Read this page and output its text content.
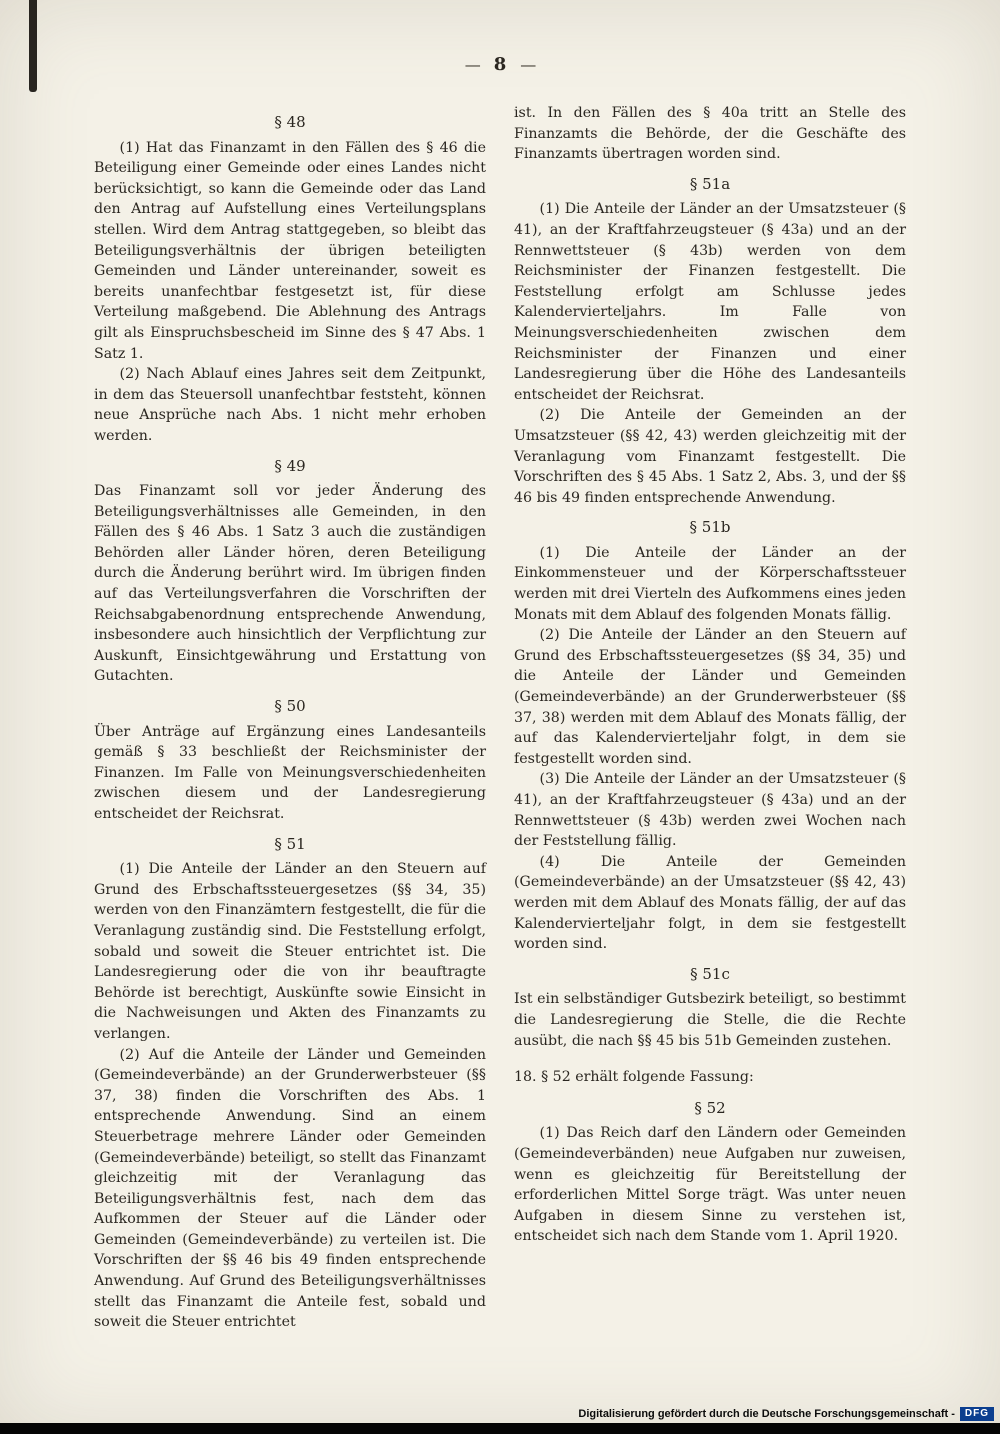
— 8 —
§ 48

(1) Hat das Finanzamt in den Fällen des § 46 die Beteiligung einer Gemeinde oder eines Landes nicht berücksichtigt, so kann die Gemeinde oder das Land den Antrag auf Aufstellung eines Verteilungsplans stellen. Wird dem Antrag stattgegeben, so bleibt das Beteiligungsverhältnis der übrigen beteiligten Gemeinden und Länder untereinander, soweit es bereits unanfechtbar festgesetzt ist, für diese Verteilung maßgebend. Die Ablehnung des Antrags gilt als Einspruchsbescheid im Sinne des § 47 Abs. 1 Satz 1.

(2) Nach Ablauf eines Jahres seit dem Zeitpunkt, in dem das Steuersoll unanfechtbar feststeht, können neue Ansprüche nach Abs. 1 nicht mehr erhoben werden.

§ 49

Das Finanzamt soll vor jeder Änderung des Beteiligungsverhältnisses alle Gemeinden, in den Fällen des § 46 Abs. 1 Satz 3 auch die zuständigen Behörden aller Länder hören, deren Beteiligung durch die Änderung berührt wird. Im übrigen finden auf das Verteilungsverfahren die Vorschriften der Reichsabgabenordnung entsprechende Anwendung, insbesondere auch hinsichtlich der Verpflichtung zur Auskunft, Einsichtgewährung und Erstattung von Gutachten.

§ 50

Über Anträge auf Ergänzung eines Landesanteils gemäß § 33 beschließt der Reichsminister der Finanzen. Im Falle von Meinungsverschiedenheiten zwischen diesem und der Landesregierung entscheidet der Reichsrat.

§ 51

(1) Die Anteile der Länder an den Steuern auf Grund des Erbschaftssteuergesetzes (§§ 34, 35) werden von den Finanzämtern festgestellt, die für die Veranlagung zuständig sind. Die Feststellung erfolgt, sobald und soweit die Steuer entrichtet ist. Die Landesregierung oder die von ihr beauftragte Behörde ist berechtigt, Auskünfte sowie Einsicht in die Nachweisungen und Akten des Finanzamts zu verlangen.

(2) Auf die Anteile der Länder und Gemeinden (Gemeindeverbände) an der Grunderwerbsteuer (§§ 37, 38) finden die Vorschriften des Abs. 1 entsprechende Anwendung. Sind an einem Steuerbetrage mehrere Länder oder Gemeinden (Gemeindeverbände) beteiligt, so stellt das Finanzamt gleichzeitig mit der Veranlagung das Beteiligungsverhältnis fest, nach dem das Aufkommen der Steuer auf die Länder oder Gemeinden (Gemeindeverbände) zu verteilen ist. Die Vorschriften der §§ 46 bis 49 finden entsprechende Anwendung. Auf Grund des Beteiligungsverhältnisses stellt das Finanzamt die Anteile fest, sobald und soweit die Steuer entrichtet

ist. In den Fällen des § 40a tritt an Stelle des Finanzamts die Behörde, der die Geschäfte des Finanzamts übertragen worden sind.

§ 51a

(1) Die Anteile der Länder an der Umsatzsteuer (§ 41), an der Kraftfahrzeugsteuer (§ 43a) und an der Rennwettsteuer (§ 43b) werden von dem Reichsminister der Finanzen festgestellt. Die Feststellung erfolgt am Schlusse jedes Kalendervierteljahrs. Im Falle von Meinungsverschiedenheiten zwischen dem Reichsminister der Finanzen und einer Landesregierung über die Höhe des Landesanteils entscheidet der Reichsrat.

(2) Die Anteile der Gemeinden an der Umsatzsteuer (§§ 42, 43) werden gleichzeitig mit der Veranlagung vom Finanzamt festgestellt. Die Vorschriften des § 45 Abs. 1 Satz 2, Abs. 3, und der §§ 46 bis 49 finden entsprechende Anwendung.

§ 51b

(1) Die Anteile der Länder an der Einkommensteuer und der Körperschaftssteuer werden mit drei Vierteln des Aufkommens eines jeden Monats mit dem Ablauf des folgenden Monats fällig.

(2) Die Anteile der Länder an den Steuern auf Grund des Erbschaftssteuergesetzes (§§ 34, 35) und die Anteile der Länder und Gemeinden (Gemeindeverbände) an der Grunderwerbsteuer (§§ 37, 38) werden mit dem Ablauf des Monats fällig, der auf das Kalendervierteljahr folgt, in dem sie festgestellt worden sind.

(3) Die Anteile der Länder an der Umsatzsteuer (§ 41), an der Kraftfahrzeugsteuer (§ 43a) und an der Rennwettsteuer (§ 43b) werden zwei Wochen nach der Feststellung fällig.

(4) Die Anteile der Gemeinden (Gemeindeverbände) an der Umsatzsteuer (§§ 42, 43) werden mit dem Ablauf des Monats fällig, der auf das Kalendervierteljahr folgt, in dem sie festgestellt worden sind.

§ 51c

Ist ein selbständiger Gutsbezirk beteiligt, so bestimmt die Landesregierung die Stelle, die die Rechte ausübt, die nach §§ 45 bis 51b Gemeinden zustehen.

18. § 52 erhält folgende Fassung:

§ 52

(1) Das Reich darf den Ländern oder Gemeinden (Gemeindeverbänden) neue Aufgaben nur zuweisen, wenn es gleichzeitig für Bereitstellung der erforderlichen Mittel Sorge trägt. Was unter neuen Aufgaben in diesem Sinne zu verstehen ist, entscheidet sich nach dem Stande vom 1. April 1920.

Digitalisierung gefördert durch die Deutsche Forschungsgemeinschaft -	DFG
